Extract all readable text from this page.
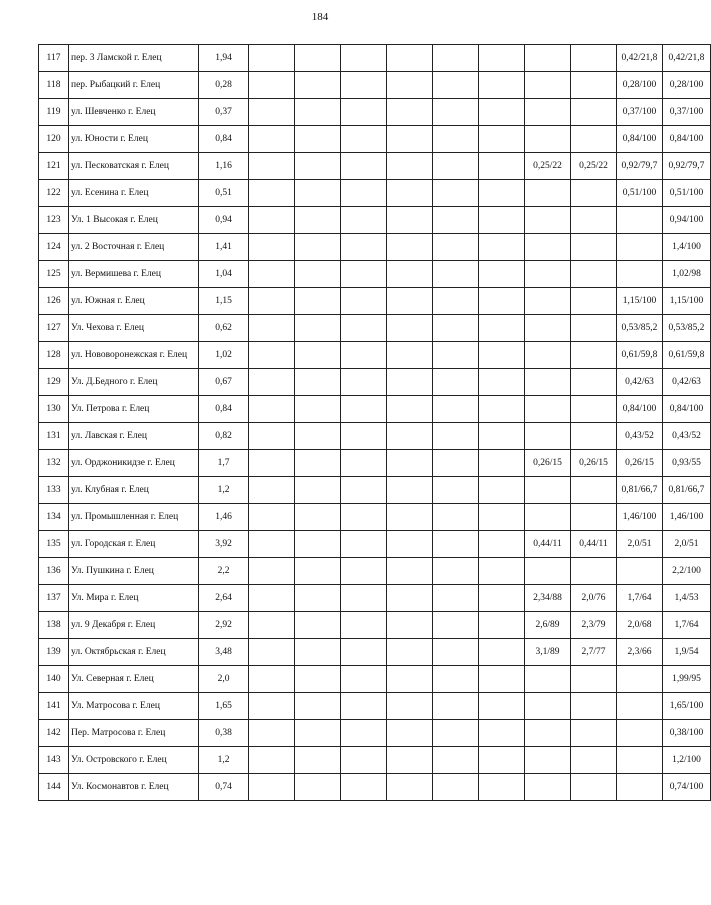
184
117	пер. 3 Ламской г. Елец	1,94									0,42/21,8	0,42/21,8
118	пер. Рыбацкий г. Елец	0,28									0,28/100	0,28/100
119	ул. Шевченко г. Елец	0,37									0,37/100	0,37/100
120	ул. Юности г. Елец	0,84									0,84/100	0,84/100
121	ул. Песковатская г. Елец	1,16							0,25/22	0,25/22	0,92/79,7	0,92/79,7
122	ул. Есенина г. Елец	0,51									0,51/100	0,51/100
123	Ул. 1 Высокая г. Елец	0,94										0,94/100
124	ул. 2 Восточная г. Елец	1,41										1,4/100
125	ул. Вермишева г. Елец	1,04										1,02/98
126	ул. Южная г. Елец	1,15									1,15/100	1,15/100
127	Ул. Чехова г. Елец	0,62									0,53/85,2	0,53/85,2
128	ул. Нововоронежская г. Елец	1,02									0,61/59,8	0,61/59,8
129	Ул. Д.Бедного г. Елец	0,67									0,42/63	0,42/63
130	Ул. Петрова г. Елец	0,84									0,84/100	0,84/100
131	ул. Лавская г. Елец	0,82									0,43/52	0,43/52
132	ул. Орджоникидзе г. Елец	1,7							0,26/15	0,26/15	0,26/15	0,93/55
133	ул. Клубная г. Елец	1,2									0,81/66,7	0,81/66,7
134	ул. Промышленная г. Елец	1,46									1,46/100	1,46/100
135	ул. Городская г. Елец	3,92							0,44/11	0,44/11	2,0/51	2,0/51
136	Ул. Пушкина г. Елец	2,2										2,2/100
137	Ул. Мира г. Елец	2,64							2,34/88	2,0/76	1,7/64	1,4/53
138	ул. 9 Декабря г. Елец	2,92							2,6/89	2,3/79	2,0/68	1,7/64
139	ул. Октябрьская г. Елец	3,48							3,1/89	2,7/77	2,3/66	1,9/54
140	Ул. Северная г. Елец	2,0										1,99/95
141	Ул. Матросова г. Елец	1,65										1,65/100
142	Пер. Матросова г. Елец	0,38										0,38/100
143	Ул. Островского г. Елец	1,2										1,2/100
144	Ул. Космонавтов г. Елец	0,74										0,74/100
